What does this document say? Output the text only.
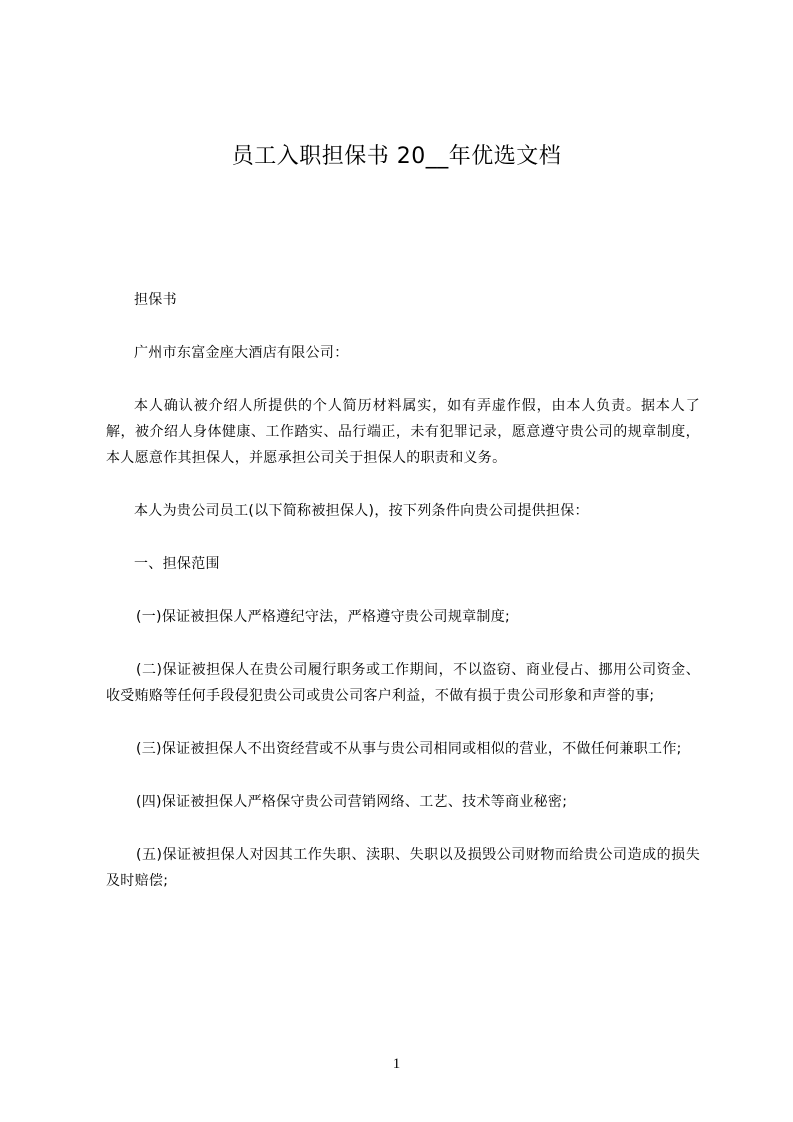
员工入职担保书 20__年优选文档

担保书

广州市东富金座大酒店有限公司：

本人确认被介绍人所提供的个人简历材料属实，如有弄虚作假，由本人负责。据本人了解，被介绍人身体健康、工作踏实、品行端正，未有犯罪记录，愿意遵守贵公司的规章制度，本人愿意作其担保人，并愿承担公司关于担保人的职责和义务。

本人为贵公司员工(以下简称被担保人)，按下列条件向贵公司提供担保：

一、担保范围

(一)保证被担保人严格遵纪守法，严格遵守贵公司规章制度;

(二)保证被担保人在贵公司履行职务或工作期间，不以盗窃、商业侵占、挪用公司资金、收受贿赂等任何手段侵犯贵公司或贵公司客户利益，不做有损于贵公司形象和声誉的事;

(三)保证被担保人不出资经营或不从事与贵公司相同或相似的营业，不做任何兼职工作;

(四)保证被担保人严格保守贵公司营销网络、工艺、技术等商业秘密;

(五)保证被担保人对因其工作失职、渎职、失职以及损毁公司财物而给贵公司造成的损失及时赔偿;

1
